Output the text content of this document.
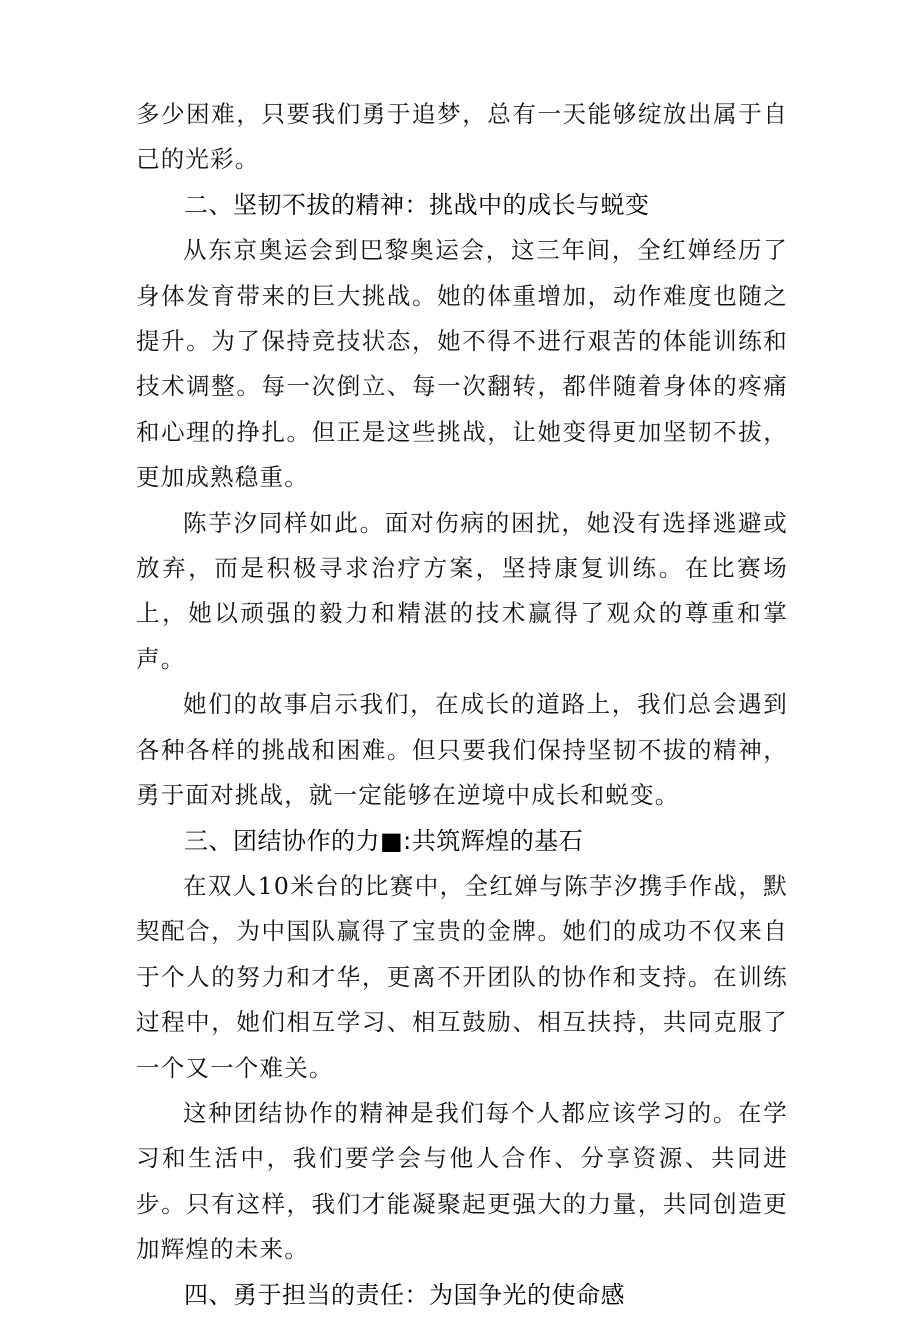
多少困难，只要我们勇于追梦，总有一天能够绽放出属于自己的光彩。

二、坚韧不拔的精神：挑战中的成长与蜕变

从东京奥运会到巴黎奥运会，这三年间，全红婵经历了身体发育带来的巨大挑战。她的体重增加，动作难度也随之提升。为了保持竞技状态，她不得不进行艰苦的体能训练和技术调整。每一次倒立、每一次翻转，都伴随着身体的疼痛和心理的挣扎。但正是这些挑战，让她变得更加坚韧不拔，更加成熟稳重。

陈芋汐同样如此。面对伤病的困扰，她没有选择逃避或放弃，而是积极寻求治疗方案，坚持康复训练。在比赛场上，她以顽强的毅力和精湛的技术赢得了观众的尊重和掌声。

她们的故事启示我们，在成长的道路上，我们总会遇到各种各样的挑战和困难。但只要我们保持坚韧不拔的精神，勇于面对挑战，就一定能够在逆境中成长和蜕变。

三、团结协作的力■:共筑辉煌的基石

在双人10米台的比赛中，全红婵与陈芋汐携手作战，默契配合，为中国队赢得了宝贵的金牌。她们的成功不仅来自于个人的努力和才华，更离不开团队的协作和支持。在训练过程中，她们相互学习、相互鼓励、相互扶持，共同克服了一个又一个难关。

这种团结协作的精神是我们每个人都应该学习的。在学习和生活中，我们要学会与他人合作、分享资源、共同进步。只有这样，我们才能凝聚起更强大的力量，共同创造更加辉煌的未来。

四、勇于担当的责任：为国争光的使命感
